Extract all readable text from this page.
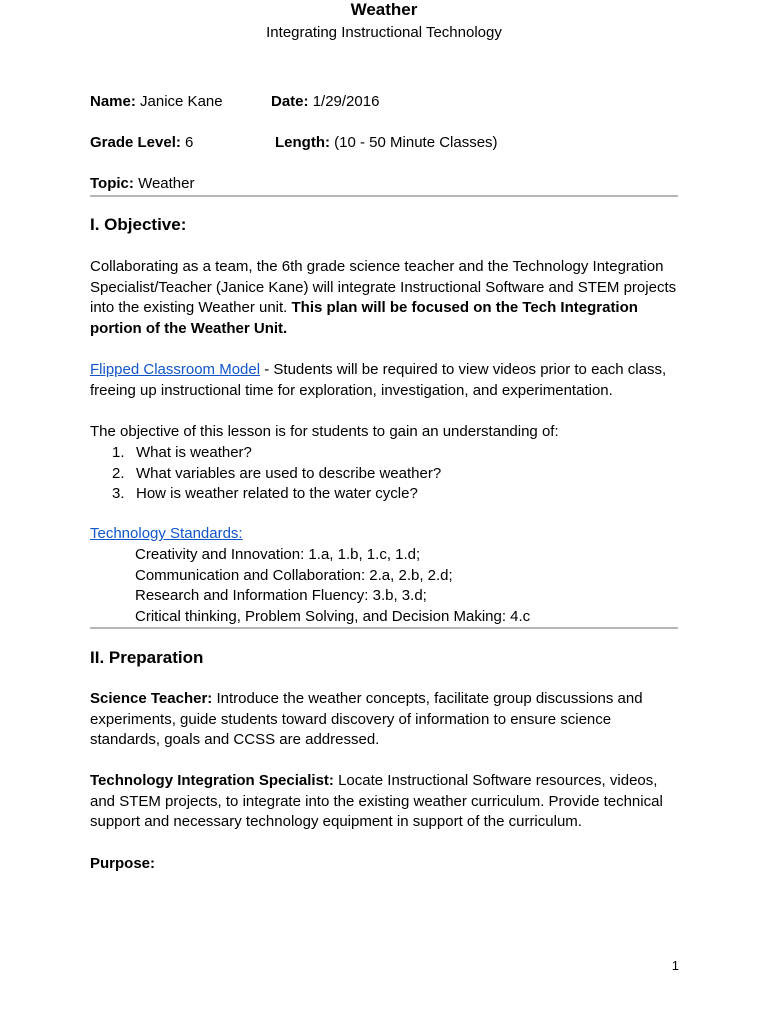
Weather
Integrating Instructional Technology
Name: Janice Kane	Date: 1/29/2016
Grade Level: 6	Length: (10 - 50 Minute Classes)
Topic: Weather
I. Objective:
Collaborating as a team, the 6th grade science teacher and the Technology Integration Specialist/Teacher (Janice Kane) will integrate Instructional Software and STEM projects into the existing Weather unit. This plan will be focused on the Tech Integration portion of the Weather Unit.
Flipped Classroom Model - Students will be required to view videos prior to each class, freeing up instructional time for exploration, investigation, and experimentation.
The objective of this lesson is for students to gain an understanding of:
1. What is weather?
2. What variables are used to describe weather?
3. How is weather related to the water cycle?
Technology Standards:
Creativity and Innovation: 1.a, 1.b, 1.c, 1.d;
Communication and Collaboration: 2.a, 2.b, 2.d;
Research and Information Fluency: 3.b, 3.d;
Critical thinking, Problem Solving, and Decision Making: 4.c
II. Preparation
Science Teacher: Introduce the weather concepts, facilitate group discussions and experiments, guide students toward discovery of information to ensure science standards, goals and CCSS are addressed.
Technology Integration Specialist: Locate Instructional Software resources, videos, and STEM projects, to integrate into the existing weather curriculum. Provide technical support and necessary technology equipment in support of the curriculum.
Purpose:
1
